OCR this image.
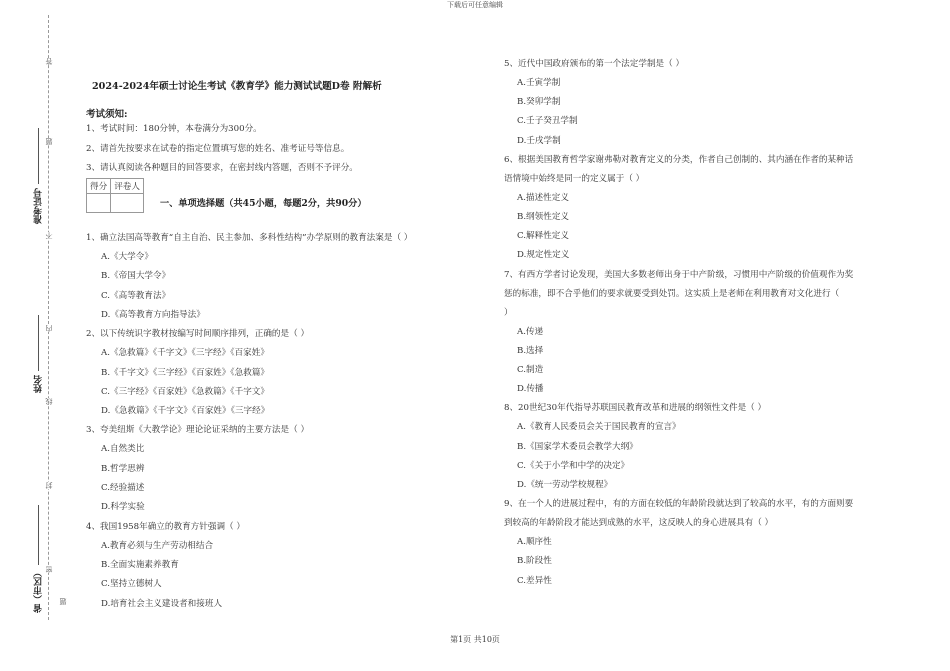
下载后可任意编辑
答
题
不
内
线
封
密
题
准考证号
姓名
省（市区）
2024-2024年硕士讨论生考试《教育学》能力测试试题D卷 附解析
考试须知:
1、考试时间：180分钟，本卷满分为300分。
2、请首先按要求在试卷的指定位置填写您的姓名、准考证号等信息。
3、请认真阅读各种题目的回答要求，在密封线内答题，否则不予评分。
得分	评卷人

一、单项选择题（共45小题，每题2分，共90分）
1、确立法国高等教育“自主自治、民主参加、多科性结构”办学原则的教育法案是（ ）
A.《大学令》
B.《帝国大学令》
C.《高等教育法》
D.《高等教育方向指导法》
2、以下传统识字教材按编写时间顺序排列，正确的是（ ）
A.《急救篇》《千字文》《三字经》《百家姓》
B.《千字文》《三字经》《百家姓》《急救篇》
C.《三字经》《百家姓》《急救篇》《千字文》
D.《急救篇》《千字文》《百家姓》《三字经》
3、夸美纽斯《大教学论》理论论证采纳的主要方法是（ ）
A.自然类比
B.哲学思辨
C.经验描述
D.科学实验
4、我国1958年确立的教育方针强调（ ）
A.教育必须与生产劳动相结合
B.全面实施素养教育
C.坚持立德树人
D.培育社会主义建设者和接班人
5、近代中国政府颁布的第一个法定学制是（ ）
A.壬寅学制
B.癸卯学制
C.壬子癸丑学制
D.壬戌学制
6、根据美国教育哲学家谢弗勒对教育定义的分类，作者自己创制的、其内涵在作者的某种话
语情境中始终是同一的定义属于（ ）
A.描述性定义
B.纲领性定义
C.解释性定义
D.规定性定义
7、有西方学者讨论发现，美国大多数老师出身于中产阶级，习惯用中产阶级的价值观作为奖
惩的标准，即不合乎他们的要求就要受到处罚。这实质上是老师在利用教育对文化进行（
）
A.传递
B.选择
C.制造
D.传播
8、20世纪30年代指导苏联国民教育改革和进展的纲领性文件是（ ）
A.《教育人民委员会关于国民教育的宣言》
B.《国家学术委员会教学大纲》
C.《关于小学和中学的决定》
D.《统一劳动学校规程》
9、在一个人的进展过程中，有的方面在较低的年龄阶段就达到了较高的水平，有的方面则要
到较高的年龄阶段才能达到成熟的水平，这反映人的身心进展具有（ ）
A.顺序性
B.阶段性
C.差异性
第1页 共10页
